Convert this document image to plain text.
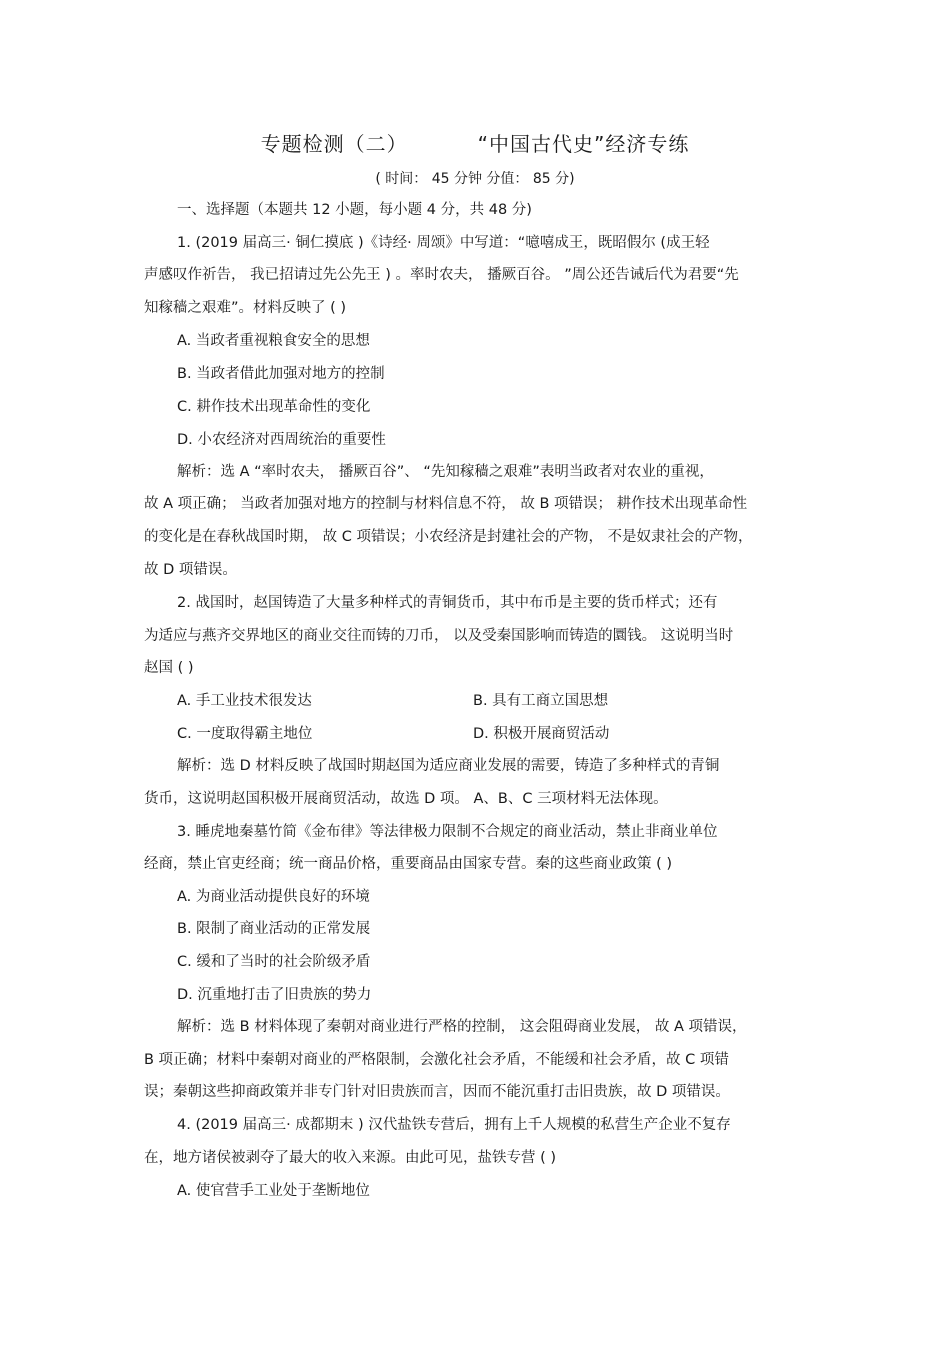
专题检测（二）	“中国古代史”经济专练
( 时间： 45 分钟 分值： 85 分)
一、选择题（本题共 12 小题，每小题 4 分，共 48 分)
1. (2019 届高三· 铜仁摸底 )《诗经· 周颂》中写道：“噫嘻成王，既昭假尔 (成王轻
声感叹作祈告， 我已招请过先公先王 ) 。率时农夫， 播厥百谷。 ”周公还告诫后代为君要“先
知稼穑之艰难”。材料反映了 ( )
A. 当政者重视粮食安全的思想
B. 当政者借此加强对地方的控制
C. 耕作技术出现革命性的变化
D. 小农经济对西周统治的重要性
解析：选 A “率时农夫， 播厥百谷”、 “先知稼穑之艰难”表明当政者对农业的重视，
故 A 项正确； 当政者加强对地方的控制与材料信息不符， 故 B 项错误； 耕作技术出现革命性
的变化是在春秋战国时期， 故 C 项错误；小农经济是封建社会的产物， 不是奴隶社会的产物，
故 D 项错误。
2. 战国时，赵国铸造了大量多种样式的青铜货币，其中布币是主要的货币样式；还有
为适应与燕齐交界地区的商业交往而铸的刀币， 以及受秦国影响而铸造的圜钱。 这说明当时
赵国 ( )
A. 手工业技术很发达	B. 具有工商立国思想
C. 一度取得霸主地位	D. 积极开展商贸活动
解析：选 D 材料反映了战国时期赵国为适应商业发展的需要，铸造了多种样式的青铜
货币，这说明赵国积极开展商贸活动，故选 D 项。 A、B、C 三项材料无法体现。
3. 睡虎地秦墓竹简《金布律》等法律极力限制不合规定的商业活动，禁止非商业单位
经商，禁止官吏经商；统一商品价格，重要商品由国家专营。秦的这些商业政策 ( )
A. 为商业活动提供良好的环境
B. 限制了商业活动的正常发展
C. 缓和了当时的社会阶级矛盾
D. 沉重地打击了旧贵族的势力
解析：选 B 材料体现了秦朝对商业进行严格的控制， 这会阻碍商业发展， 故 A 项错误，
B 项正确；材料中秦朝对商业的严格限制，会激化社会矛盾，不能缓和社会矛盾，故 C 项错
误；秦朝这些抑商政策并非专门针对旧贵族而言，因而不能沉重打击旧贵族，故 D 项错误。
4. (2019 届高三· 成都期末 ) 汉代盐铁专营后，拥有上千人规模的私营生产企业不复存
在，地方诸侯被剥夺了最大的收入来源。由此可见，盐铁专营 ( )
A. 使官营手工业处于垄断地位
